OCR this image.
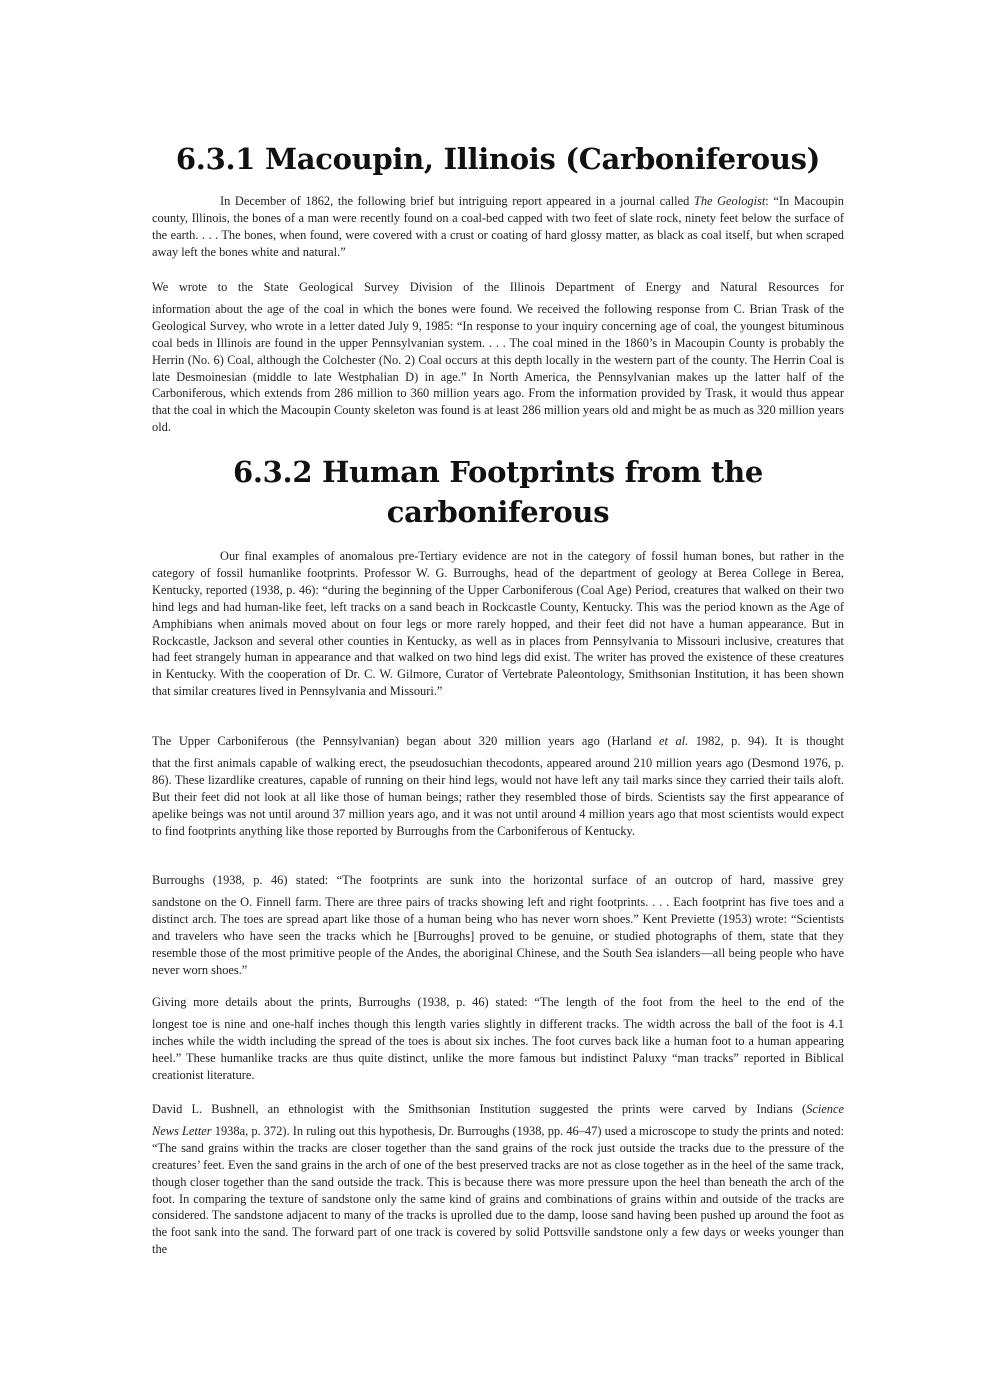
6.3.1 Macoupin, Illinois (Carboniferous)

In December of 1862, the following brief but intriguing report appeared in a journal called The Geologist: “In Macoupin county, Illinois, the bones of a man were recently found on a coal-bed capped with two feet of slate rock, ninety feet below the surface of the earth. . . . The bones, when found, were covered with a crust or coating of hard glossy matter, as black as coal itself, but when scraped away left the bones white and natural.”

We wrote to the State Geological Survey Division of the Illinois Department of Energy and Natural Resources for
information about the age of the coal in which the bones were found. We received the following response from C. Brian Trask of the Geological Survey, who wrote in a letter dated July 9, 1985: “In response to your inquiry concerning age of coal, the youngest bituminous coal beds in Illinois are found in the upper Pennsylvanian system. . . . The coal mined in the 1860’s in Macoupin County is probably the Herrin (No. 6) Coal, although the Colchester (No. 2) Coal occurs at this depth locally in the western part of the county. The Herrin Coal is late Desmoinesian (middle to late Westphalian D) in age.” In North America, the Pennsylvanian makes up the latter half of the Carboniferous, which extends from 286 million to 360 million years ago. From the information provided by Trask, it would thus appear that the coal in which the Macoupin County skeleton was found is at least 286 million years old and might be as much as 320 million years old.

6.3.2 Human Footprints from the
carboniferous

Our final examples of anomalous pre-Tertiary evidence are not in the category of fossil human bones, but rather in the category of fossil humanlike footprints. Professor W. G. Burroughs, head of the department of geology at Berea College in Berea, Kentucky, reported (1938, p. 46): “during the beginning of the Upper Carboniferous (Coal Age) Period, creatures that walked on their two hind legs and had human-like feet, left tracks on a sand beach in Rockcastle County, Kentucky. This was the period known as the Age of Amphibians when animals moved about on four legs or more rarely hopped, and their feet did not have a human appearance. But in Rockcastle, Jackson and several other counties in Kentucky, as well as in places from Pennsylvania to Missouri inclusive, creatures that had feet strangely human in appearance and that walked on two hind legs did exist. The writer has proved the existence of these creatures in Kentucky. With the cooperation of Dr. C. W. Gilmore, Curator of Vertebrate Paleontology, Smithsonian Institution, it has been shown that similar creatures lived in Pennsylvania and Missouri.”

The Upper Carboniferous (the Pennsylvanian) began about 320 million years ago (Harland et al. 1982, p. 94). It is thought
that the first animals capable of walking erect, the pseudosuchian thecodonts, appeared around 210 million years ago (Desmond 1976, p. 86). These lizardlike creatures, capable of running on their hind legs, would not have left any tail marks since they carried their tails aloft. But their feet did not look at all like those of human beings; rather they resembled those of birds. Scientists say the first appearance of apelike beings was not until around 37 million years ago, and it was not until around 4 million years ago that most scientists would expect to find footprints anything like those reported by Burroughs from the Carboniferous of Kentucky.

Burroughs (1938, p. 46) stated: “The footprints are sunk into the horizontal surface of an outcrop of hard, massive grey
sandstone on the O. Finnell farm. There are three pairs of tracks showing left and right footprints. . . . Each footprint has five toes and a distinct arch. The toes are spread apart like those of a human being who has never worn shoes.” Kent Previette (1953) wrote: “Scientists and travelers who have seen the tracks which he [Burroughs] proved to be genuine, or studied photographs of them, state that they resemble those of the most primitive people of the Andes, the aboriginal Chinese, and the South Sea islanders—all being people who have never worn shoes.”

Giving more details about the prints, Burroughs (1938, p. 46) stated: “The length of the foot from the heel to the end of the
longest toe is nine and one-half inches though this length varies slightly in different tracks. The width across the ball of the foot is 4.1 inches while the width including the spread of the toes is about six inches. The foot curves back like a human foot to a human appearing heel.” These humanlike tracks are thus quite distinct, unlike the more famous but indistinct Paluxy “man tracks” reported in Biblical creationist literature.

David L. Bushnell, an ethnologist with the Smithsonian Institution suggested the prints were carved by Indians (Science
News Letter 1938a, p. 372). In ruling out this hypothesis, Dr. Burroughs (1938, pp. 46–47) used a microscope to study the prints and noted: “The sand grains within the tracks are closer together than the sand grains of the rock just outside the tracks due to the pressure of the creatures’ feet. Even the sand grains in the arch of one of the best preserved tracks are not as close together as in the heel of the same track, though closer together than the sand outside the track. This is because there was more pressure upon the heel than beneath the arch of the foot. In comparing the texture of sandstone only the same kind of grains and combinations of grains within and outside of the tracks are considered. The sandstone adjacent to many of the tracks is uprolled due to the damp, loose sand having been pushed up around the foot as the foot sank into the sand. The forward part of one track is covered by solid Pottsville sandstone only a few days or weeks younger than the
